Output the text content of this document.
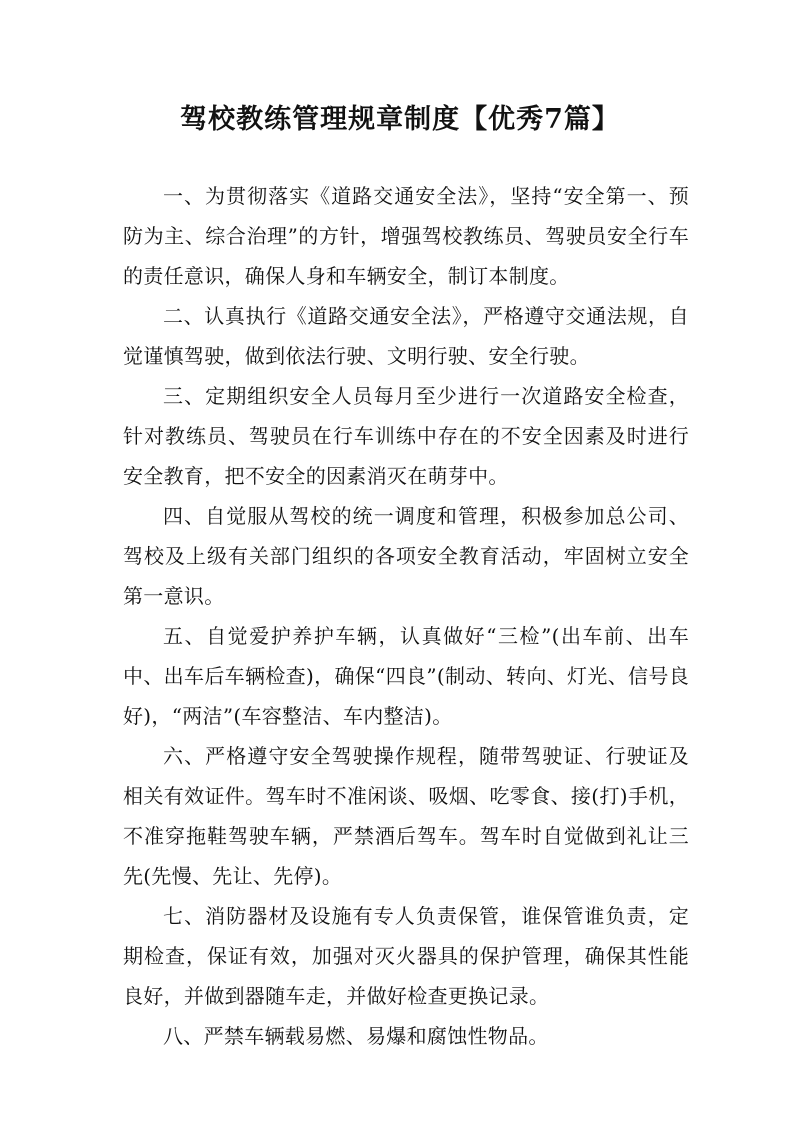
驾校教练管理规章制度【优秀7篇】

一、为贯彻落实《道路交通安全法》，坚持“安全第一、预防为主、综合治理”的方针，增强驾校教练员、驾驶员安全行车的责任意识，确保人身和车辆安全，制订本制度。

二、认真执行《道路交通安全法》，严格遵守交通法规，自觉谨慎驾驶，做到依法行驶、文明行驶、安全行驶。

三、定期组织安全人员每月至少进行一次道路安全检查，针对教练员、驾驶员在行车训练中存在的不安全因素及时进行安全教育，把不安全的因素消灭在萌芽中。

四、自觉服从驾校的统一调度和管理，积极参加总公司、驾校及上级有关部门组织的各项安全教育活动，牢固树立安全第一意识。

五、自觉爱护养护车辆，认真做好“三检”(出车前、出车中、出车后车辆检查)，确保“四良”(制动、转向、灯光、信号良好)，“两洁”(车容整洁、车内整洁)。

六、严格遵守安全驾驶操作规程，随带驾驶证、行驶证及相关有效证件。驾车时不准闲谈、吸烟、吃零食、接(打)手机，不准穿拖鞋驾驶车辆，严禁酒后驾车。驾车时自觉做到礼让三先(先慢、先让、先停)。

七、消防器材及设施有专人负责保管，谁保管谁负责，定期检查，保证有效，加强对灭火器具的保护管理，确保其性能良好，并做到器随车走，并做好检查更换记录。

八、严禁车辆载易燃、易爆和腐蚀性物品。
